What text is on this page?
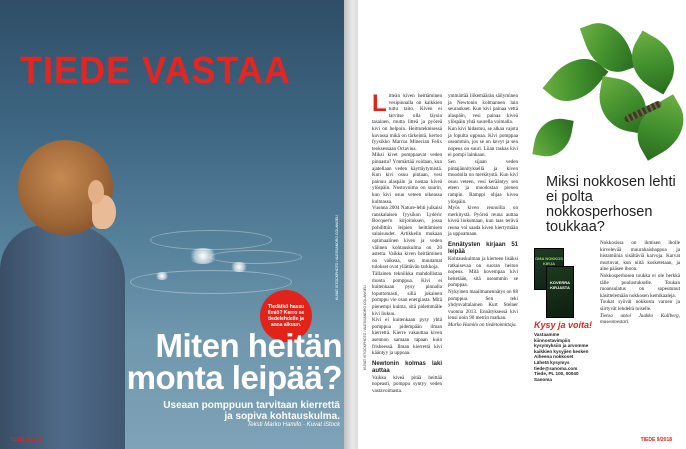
TIEDE VASTAA
Tiedätkö hassu ilmiö? Kerro se tiedelehdelle ja anna alkuun.
Miten heitän
monta leipää?
Useaan pomppuun tarvitaan kierrettä
ja sopiva kohtauskulma.
Teksti Marko Hamilo · Kuvat iStock
TIEDE 9/2018
KUVAT ISTOCKPHOTO / ALESSANDRO COLANGELI

Litteän kiven heittäminen vesipinnalla on kaikkien tuttu taito. Kiven ei tarvitse olla täysin tasainen, mutta litteä ja pyöreä kivi on helpoin. Heittoteknisessä kuvassa mikä on tärkeintä, kertoo fyysikko Marcus Minecian Felix teoksessaan Octavius.

Miksi kivet pomppaavat veden pinnasta? Ymmärtää voidaan, kun ajatellaan veden käyttäytymistä. Kun kivi osuu pintaan, vesi painuu alaspäin ja nostaa kiveä ylöspäin. Nostovoima on suurin, kun kivi osuu veteen oikeassa kulmassa.

Vuonna 2004 Nature-lehti julkaisi ranskalaisen fyysikon Lydéric Bocquet'n kirjoituksen, jossa pohdittiin leipien heittämisen salaisuudet. Artikkelin mukaan optimaalinen kiven ja veden välinen kohtauskulma on 20 astetta. Vaikka kiven heittäminen on vaikeaa, sen muutamat tulokset ovat yllättävän tarkkoja.

Tällainen tekniikka mahdollistaa monta pomppua. Kivi ei kuitenkaan pysy pinnalla loputtomasti, sillä jokainen pomppu vie osan energiasta. Mitä pienempi kulma, sitä pidemmälle kivi liukuu.

Kivi ei kuitenkaan pysy yhtä pomppua pidempään ilman kierrettä. Kierre vakauttaa kiven asennon samaan tapaan kuin frisbeessä. Ilman kierrettä kivi kääntyy ja uppoaa.

Newtonin kolmas laki auttaa

Vaikka kiveä pitää heittää nopeasti, pomppu syntyy veden vastavoimasta.

ymmärtää liikemäärän säilyminen ja Newtonin kolmannen lain seuraukset. Kun kivi painaa vettä alaspäin, vesi painaa kiveä ylöspäin yhtä suurella voimalla.

Kun kivi hidastuu, se alkaa vajota ja lopulta uppoaa. Kivi pomppaa useammin, jos se on kevyt ja sen nopeus on suuri. Liian raskas kivi ei pompi lainkaan.

Sen sijaan veden pintajännityksellä ja kiven muodolla on merkitystä. Kun kivi osuu veteen, vesi kerääntyy sen eteen ja muodostaa pienen rampin. Ramppi ohjaa kivea ylöspäin.

Myös kiven reunoilla on merkitystä. Pyöreä reuna auttaa kiveä liukumaan, kun taas terävä reuna voi saada kiven kiertymään ja uppoamaan.

Ennätysten kirjaan 51 leipää

Kohtauskulman ja kierteen lisäksi ratkaisevaa on suoran heiton nopeus. Mitä kovempaa kivi heitetään, sitä useammin se pomppaa.

Nykyinen maailmanennätys on 88 pomppua. Sen teki yhdysvaltalainen Kurt Steiner vuonna 2013. Ennätyksessä kivi lensi noin 90 metrin matkan.

Marko Hamilo on tiedetoimittaja.

KUVAT ISTOCKPHOTO / ALESSANDRO COLANGELI
Miksi nokkosen lehti ei polta nokkosperhosen toukkaa?
OMA NOKKOS KIRJA
KOVERRA KIRJASTA
Kysy ja voita!
Vastaamme kiinnostavimpiin kysymyksiin ja arvomme kaikkien kysyjien kesken
Aiheena nokkoset
Lähetä kysymys tiede@sanoma.com
Tiede, PL 100, 00040 Sanoma

Nokkosissa on ihmisen iholle kirvelevää muurahaishappoa ja histamiinia sisältäviä karvoja. Karvat murtuvat, kun niitä kosketetaan, ja aine pääsee ihoon.

Nokkosperhosen toukka ei ole herkkä tälle puolustukselle. Toukan ruoansulatus on sopeutunut käsittelemään nokkosen kemikaaleja.

Toukat syövät nokkosta varoen ja siirtyvät lehdeltä toiselle.

Tietoa antoi Jaakko Kullberg, museomestari.

TIEDE 9/2018
